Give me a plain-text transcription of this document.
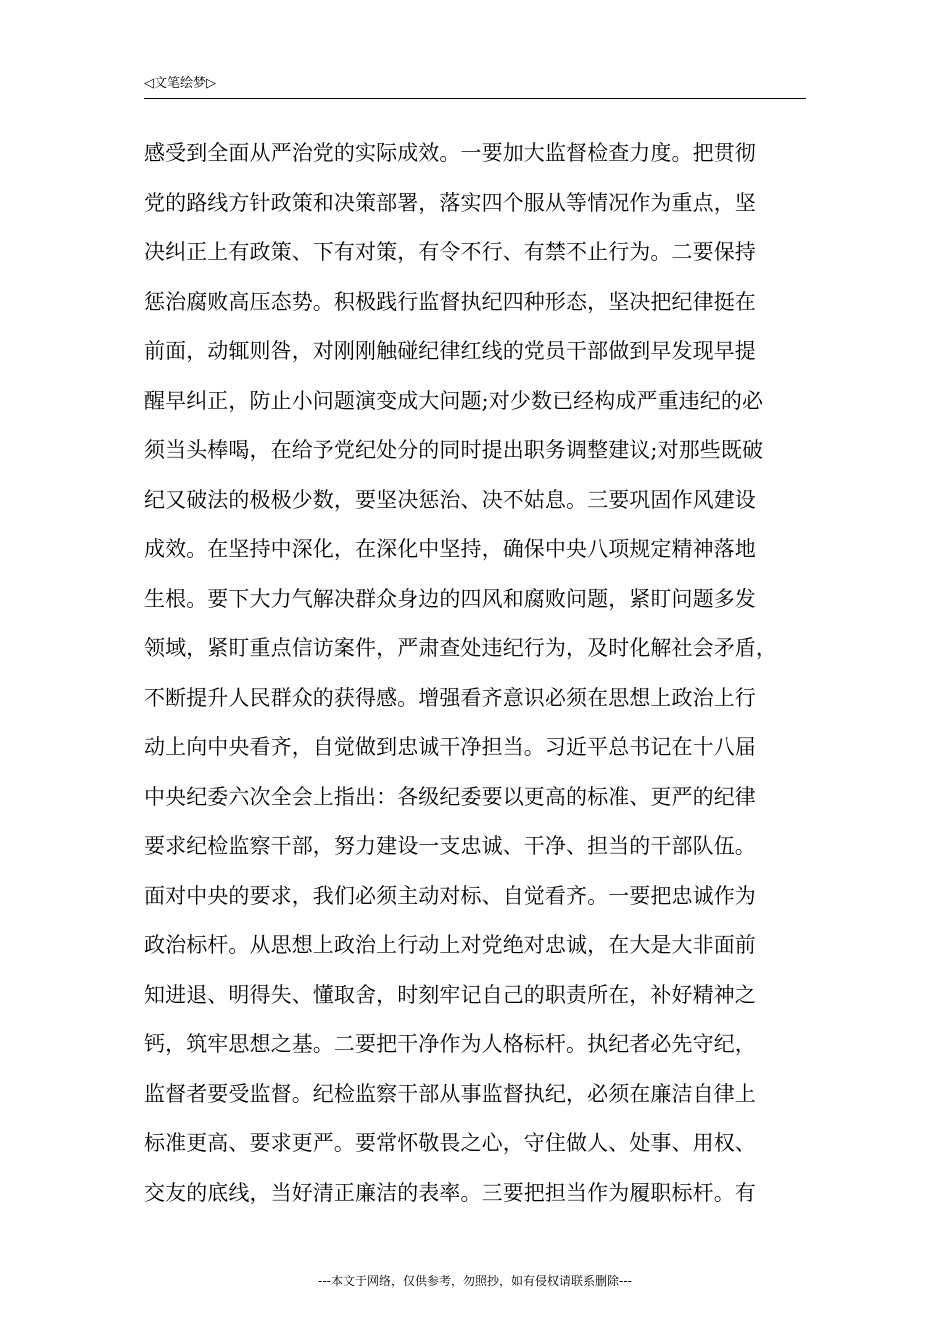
◁文笔绘梦▷
感受到全面从严治党的实际成效。一要加大监督检查力度。把贯彻
党的路线方针政策和决策部署，落实四个服从等情况作为重点，坚
决纠正上有政策、下有对策，有令不行、有禁不止行为。二要保持
惩治腐败高压态势。积极践行监督执纪四种形态，坚决把纪律挺在
前面，动辄则咎，对刚刚触碰纪律红线的党员干部做到早发现早提
醒早纠正，防止小问题演变成大问题;对少数已经构成严重违纪的必
须当头棒喝，在给予党纪处分的同时提出职务调整建议;对那些既破
纪又破法的极极少数，要坚决惩治、决不姑息。三要巩固作风建设
成效。在坚持中深化，在深化中坚持，确保中央八项规定精神落地
生根。要下大力气解决群众身边的四风和腐败问题，紧盯问题多发
领域，紧盯重点信访案件，严肃查处违纪行为，及时化解社会矛盾，
不断提升人民群众的获得感。增强看齐意识必须在思想上政治上行
动上向中央看齐，自觉做到忠诚干净担当。习近平总书记在十八届
中央纪委六次全会上指出：各级纪委要以更高的标准、更严的纪律
要求纪检监察干部，努力建设一支忠诚、干净、担当的干部队伍。
面对中央的要求，我们必须主动对标、自觉看齐。一要把忠诚作为
政治标杆。从思想上政治上行动上对党绝对忠诚，在大是大非面前
知进退、明得失、懂取舍，时刻牢记自己的职责所在，补好精神之
钙，筑牢思想之基。二要把干净作为人格标杆。执纪者必先守纪，
监督者要受监督。纪检监察干部从事监督执纪，必须在廉洁自律上
标准更高、要求更严。要常怀敬畏之心，守住做人、处事、用权、
交友的底线，当好清正廉洁的表率。三要把担当作为履职标杆。有
---本文于网络，仅供参考，勿照抄，如有侵权请联系删除---
